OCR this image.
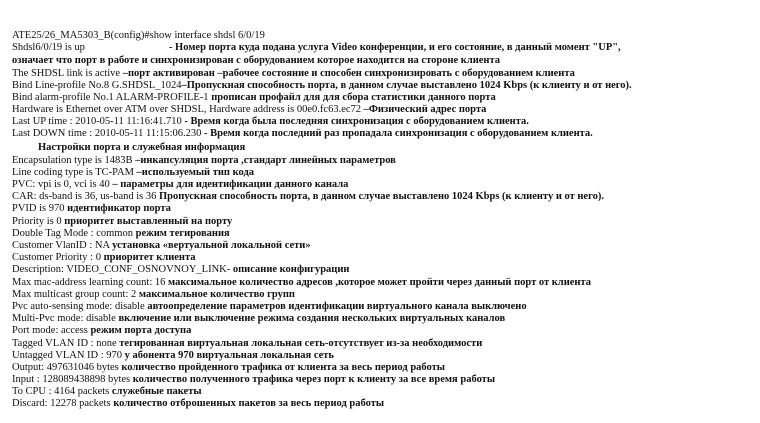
ATE25/26_MA5303_B(config)#show interface shdsl 6/0/19
Shdsl6/0/19 is up	- Номер порта куда подана услуга Video конференции, и его состояние, в данный момент "UP",
означает что порт в работе и синхронизирован с оборудованием которое находится на стороне клиента
The SHDSL link is active –порт активирован –рабочее состояние и способен синхронизировать с оборудованием клиента
Bind Line-profile No.8 G.SHDSL_1024–Пропускная способность порта, в данном случае выставлено 1024 Kbps (к клиенту и от него).
Bind alarm-profile No.1 ALARM-PROFILE-1 прописан профайл для для сбора статистики данного порта
Hardware is Ethernet over ATM over SHDSL, Hardware address is 00e0.fc63.ec72 –Физический адрес порта
Last UP time : 2010-05-11 11:16:41.710 - Время когда была последняя синхронизация с оборудованием клиента.
Last DOWN time : 2010-05-11 11:15:06.230 - Время когда последний раз пропадала синхронизация с оборудованием клиента.
Настройки порта и служебная информация
Encapsulation type is 1483B –инкапсуляция порта ,стандарт линейных параметров
Line coding type is TC-PAM –используемый тип кода
PVC: vpi is 0, vci is 40 – параметры для идентификации данного канала
CAR: ds-band is 36, us-band is 36 Пропускная способность порта, в данном случае выставлено 1024 Kbps (к клиенту и от него).
PVID is 970 идентификатор порта
Priority is 0 приоритет выставленный на порту
Double Tag Mode : common режим тегирования
Customer VlanID : NA установка «вертуальной локальной сети»
Customer Priority : 0 приоритет клиента
Description: VIDEO_CONF_OSNOVNOY_LINK- описание конфигурации
Max mac-address learning count: 16 максимальное количество адресов ,которое может пройти через данный порт от клиента
Max multicast group count: 2 максимальное количество групп
Pvc auto-sensing mode: disable автоопределение параметров идентификации виртуального канала выключено
Multi-Pvc mode: disable включение или выключение режима создания нескольких виртуальных каналов
Port mode: access режим порта доступа
Tagged VLAN ID : none тегированная виртуальная локальная сеть-отсутствует из-за необходимости
Untagged VLAN ID : 970 у абонента 970 виртуальная локальная сеть
Output: 497631046 bytes количество пройденного трафика от клиента за весь период работы
Input : 128089438898 bytes количество полученного трафика через порт к клиенту за все время работы
To CPU : 4164 packets служебные пакеты
Discard: 12278 packets количество отброшенных пакетов за весь период работы
